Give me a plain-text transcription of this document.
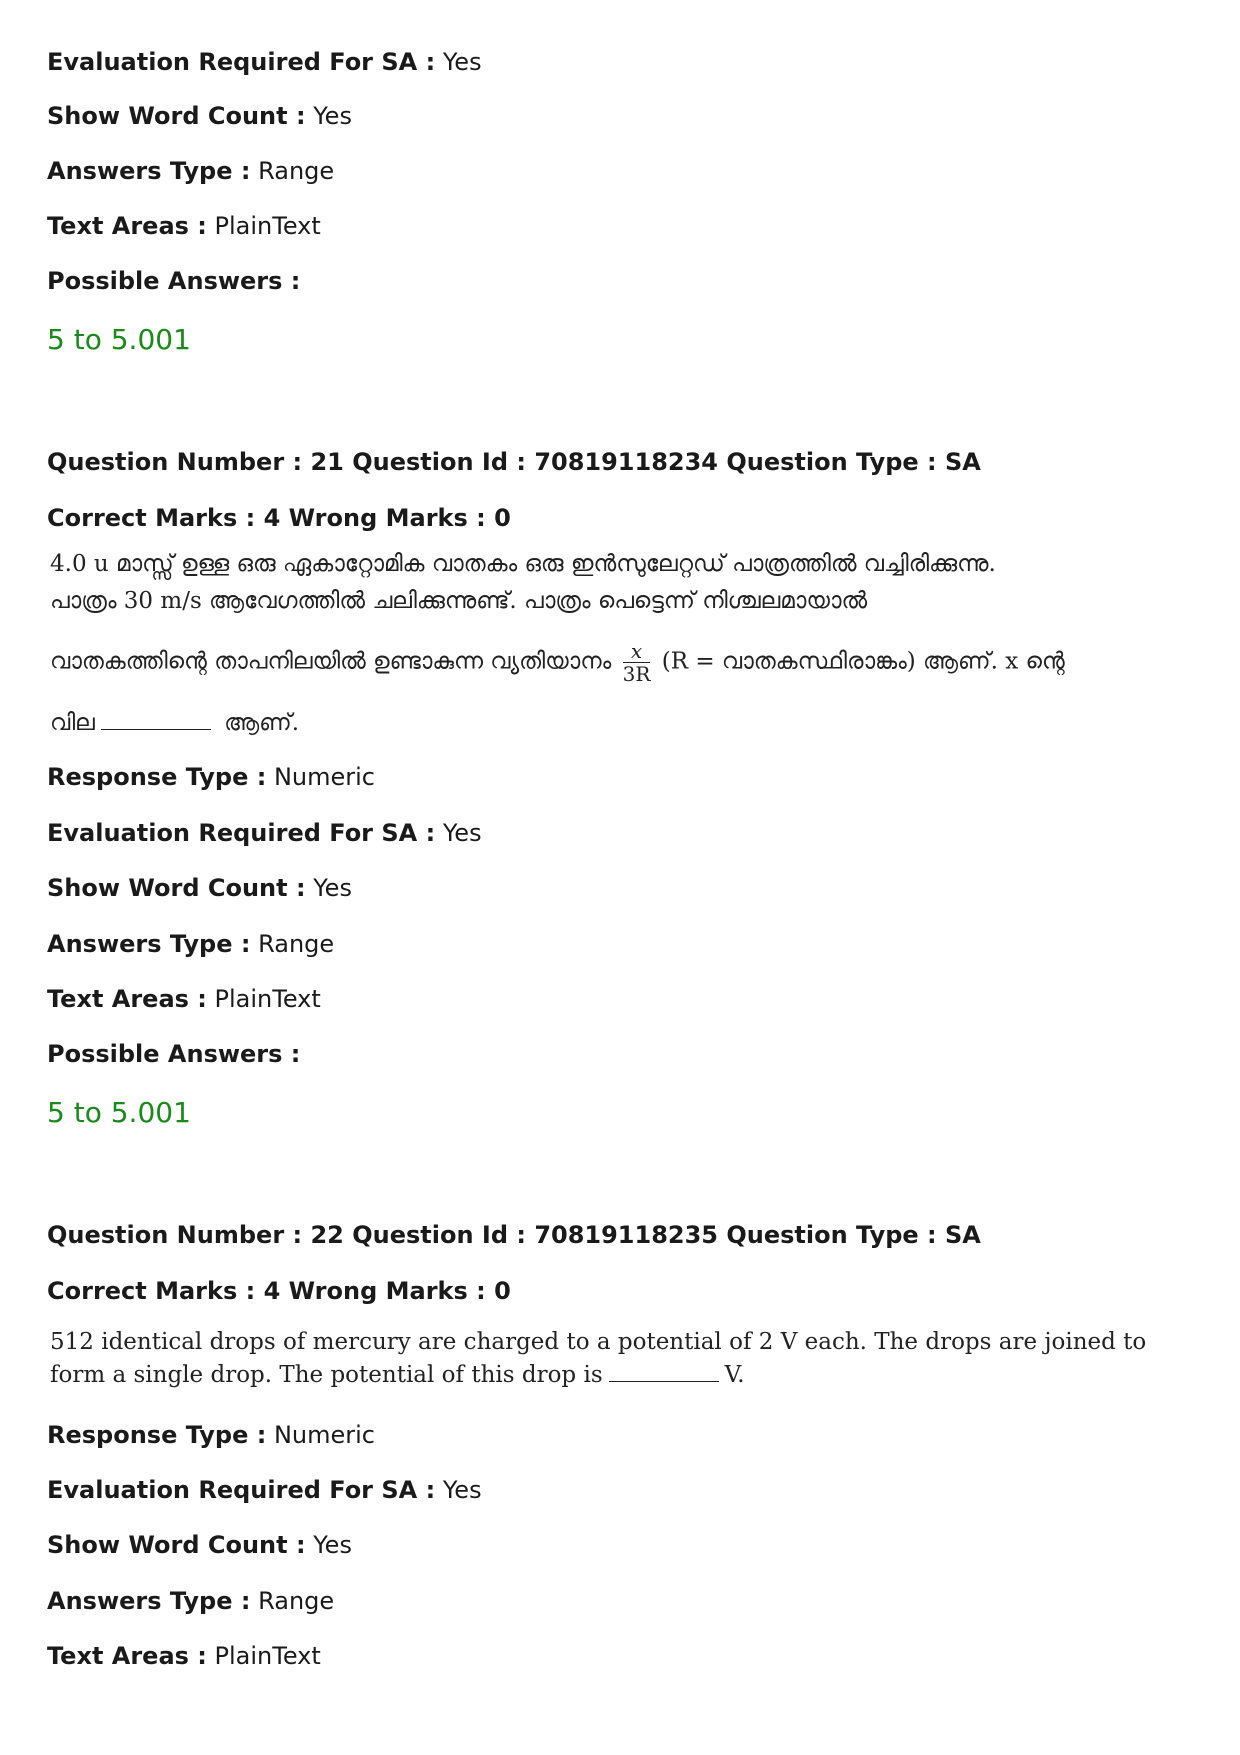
Evaluation Required For SA : Yes
Show Word Count : Yes
Answers Type : Range
Text Areas : PlainText
Possible Answers :
5 to 5.001
Question Number : 21 Question Id : 70819118234 Question Type : SA
Correct Marks : 4 Wrong Marks : 0
4.0 u മാസ്സ് ഉള്ള ഒരു ഏകാറ്റോമിക വാതകം ഒരു ഇൻസുലേറ്റഡ് പാത്രത്തിൽ വച്ചിരിക്കുന്നു.
പാത്രം 30 m/s ആവേഗത്തിൽ ചലിക്കുന്നുണ്ട്. പാത്രം പെട്ടെന്ന് നിശ്ചലമായാൽ
വാതകത്തിന്റെ താപനിലയിൽ ഉണ്ടാകുന്ന വ്യതിയാനം $\frac{x}{3R} (R$ = വാതകസ്ഥിരാങ്കം) ആണ്. x ന്റെ
വില	ആണ്.
Response Type : Numeric
Evaluation Required For SA : Yes
Show Word Count : Yes
Answers Type : Range
Text Areas : PlainText
Possible Answers :
5 to 5.001
Question Number : 22 Question Id : 70819118235 Question Type : SA
Correct Marks : 4 Wrong Marks : 0
512 identical drops of mercury are charged to a potential of 2 V each. The drops are joined to
form a single drop. The potential of this drop is	V.
Response Type : Numeric
Evaluation Required For SA : Yes
Show Word Count : Yes
Answers Type : Range
Text Areas : PlainText
